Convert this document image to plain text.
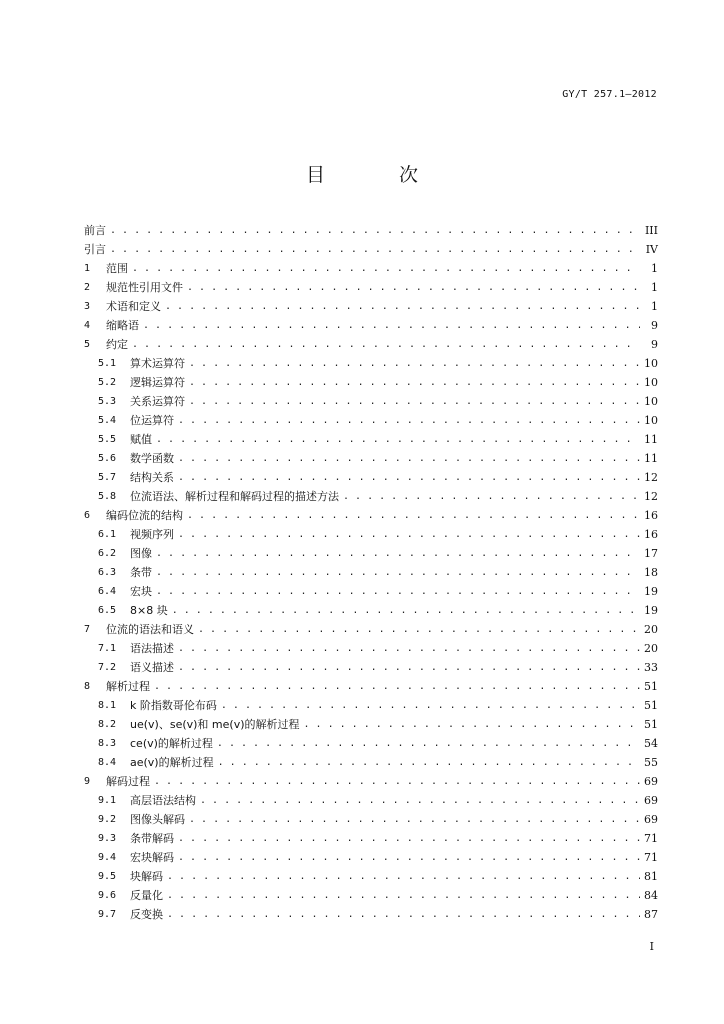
GY/T 257.1—2012
目 次
前言 . . .	III
引言 . . .	IV
1	范围 . . .	1
2	规范性引用文件 . . .	1
3	术语和定义 . . .	1
4	缩略语 . . .	9
5	约定 . . .	9
5.1	算术运算符 . . .	10
5.2	逻辑运算符 . . .	10
5.3	关系运算符 . . .	10
5.4	位运算符 . . .	10
5.5	赋值 . . .	11
5.6	数学函数 . . .	11
5.7	结构关系 . . .	12
5.8	位流语法、解析过程和解码过程的描述方法 . . .	12
6	编码位流的结构 . . .	16
6.1	视频序列 . . .	16
6.2	图像 . . .	17
6.3	条带 . . .	18
6.4	宏块 . . .	19
6.5	8×8 块 . . .	19
7	位流的语法和语义 . . .	20
7.1	语法描述 . . .	20
7.2	语义描述 . . .	33
8	解析过程 . . .	51
8.1	k 阶指数哥伦布码 . . .	51
8.2	ue(v)、se(v)和 me(v)的解析过程 . . .	51
8.3	ce(v)的解析过程 . . .	54
8.4	ae(v)的解析过程 . . .	55
9	解码过程 . . .	69
9.1	高层语法结构 . . .	69
9.2	图像头解码 . . .	69
9.3	条带解码 . . .	71
9.4	宏块解码 . . .	71
9.5	块解码 . . .	81
9.6	反量化 . . .	84
9.7	反变换 . . .	87
I
